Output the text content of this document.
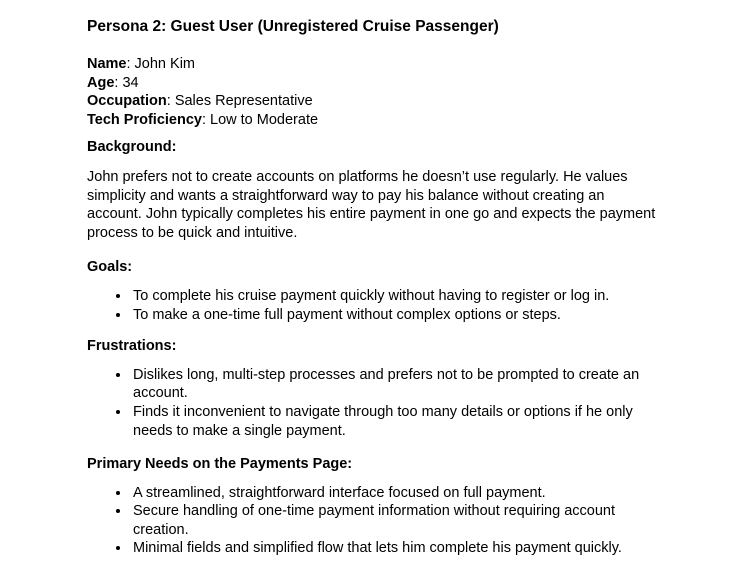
Persona 2: Guest User (Unregistered Cruise Passenger)

Name: John Kim
Age: 34
Occupation: Sales Representative
Tech Proficiency: Low to Moderate

Background:

John prefers not to create accounts on platforms he doesn’t use regularly. He values simplicity and wants a straightforward way to pay his balance without creating an account. John typically completes his entire payment in one go and expects the payment process to be quick and intuitive.

Goals:
• To complete his cruise payment quickly without having to register or log in.
• To make a one-time full payment without complex options or steps.
Frustrations:
• Dislikes long, multi-step processes and prefers not to be prompted to create an account.
• Finds it inconvenient to navigate through too many details or options if he only needs to make a single payment.
Primary Needs on the Payments Page:
• A streamlined, straightforward interface focused on full payment.
• Secure handling of one-time payment information without requiring account creation.
• Minimal fields and simplified flow that lets him complete his payment quickly.
